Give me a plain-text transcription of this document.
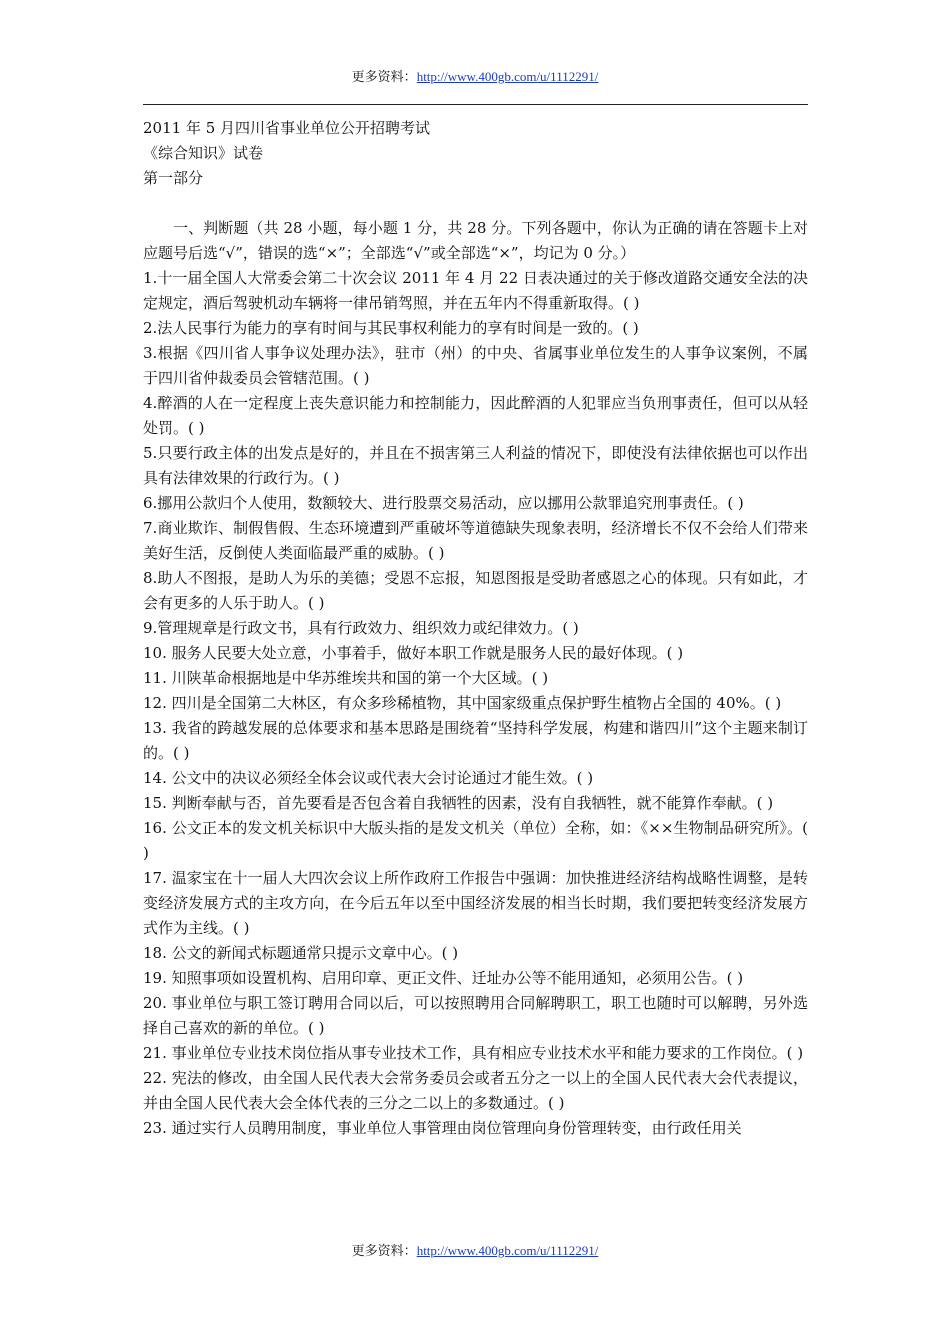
更多资料：http://www.400gb.com/u/1112291/
2011 年 5 月四川省事业单位公开招聘考试
《综合知识》试卷
第一部分
一、判断题（共 28 小题，每小题 1 分，共 28 分。下列各题中，你认为正确的请在答题卡上对应题号后选“√”，错误的选“×”；全部选“√”或全部选“×”，均记为 0 分。）
1.十一届全国人大常委会第二十次会议 2011 年 4 月 22 日表决通过的关于修改道路交通安全法的决定规定，酒后驾驶机动车辆将一律吊销驾照，并在五年内不得重新取得。( )
2.法人民事行为能力的享有时间与其民事权利能力的享有时间是一致的。( )
3.根据《四川省人事争议处理办法》，驻市（州）的中央、省属事业单位发生的人事争议案例，不属于四川省仲裁委员会管辖范围。( )
4.醉酒的人在一定程度上丧失意识能力和控制能力，因此醉酒的人犯罪应当负刑事责任，但可以从轻处罚。( )
5.只要行政主体的出发点是好的，并且在不损害第三人利益的情况下，即使没有法律依据也可以作出具有法律效果的行政行为。( )
6.挪用公款归个人使用，数额较大、进行股票交易活动，应以挪用公款罪追究刑事责任。( )
7.商业欺诈、制假售假、生态环境遭到严重破坏等道德缺失现象表明，经济增长不仅不会给人们带来美好生活，反倒使人类面临最严重的威胁。( )
8.助人不图报，是助人为乐的美德；受恩不忘报，知恩图报是受助者感恩之心的体现。只有如此，才会有更多的人乐于助人。( )
9.管理规章是行政文书，具有行政效力、组织效力或纪律效力。( )
10. 服务人民要大处立意，小事着手，做好本职工作就是服务人民的最好体现。( )
11. 川陕革命根据地是中华苏维埃共和国的第一个大区域。( )
12. 四川是全国第二大林区，有众多珍稀植物，其中国家级重点保护野生植物占全国的 40%。( )
13. 我省的跨越发展的总体要求和基本思路是围绕着“坚持科学发展，构建和谐四川”这个主题来制订的。( )
14. 公文中的决议必须经全体会议或代表大会讨论通过才能生效。( )
15. 判断奉献与否，首先要看是否包含着自我牺牲的因素，没有自我牺牲，就不能算作奉献。( )
16. 公文正本的发文机关标识中大版头指的是发文机关（单位）全称，如：《××生物制品研究所》。( )
17. 温家宝在十一届人大四次会议上所作政府工作报告中强调：加快推进经济结构战略性调整，是转变经济发展方式的主攻方向，在今后五年以至中国经济发展的相当长时期，我们要把转变经济发展方式作为主线。( )
18. 公文的新闻式标题通常只提示文章中心。( )
19. 知照事项如设置机构、启用印章、更正文件、迁址办公等不能用通知，必须用公告。( )
20. 事业单位与职工签订聘用合同以后，可以按照聘用合同解聘职工，职工也随时可以解聘，另外选择自己喜欢的新的单位。( )
21. 事业单位专业技术岗位指从事专业技术工作，具有相应专业技术水平和能力要求的工作岗位。( )
22. 宪法的修改，由全国人民代表大会常务委员会或者五分之一以上的全国人民代表大会代表提议，并由全国人民代表大会全体代表的三分之二以上的多数通过。( )
23. 通过实行人员聘用制度，事业单位人事管理由岗位管理向身份管理转变，由行政任用关
更多资料：http://www.400gb.com/u/1112291/
